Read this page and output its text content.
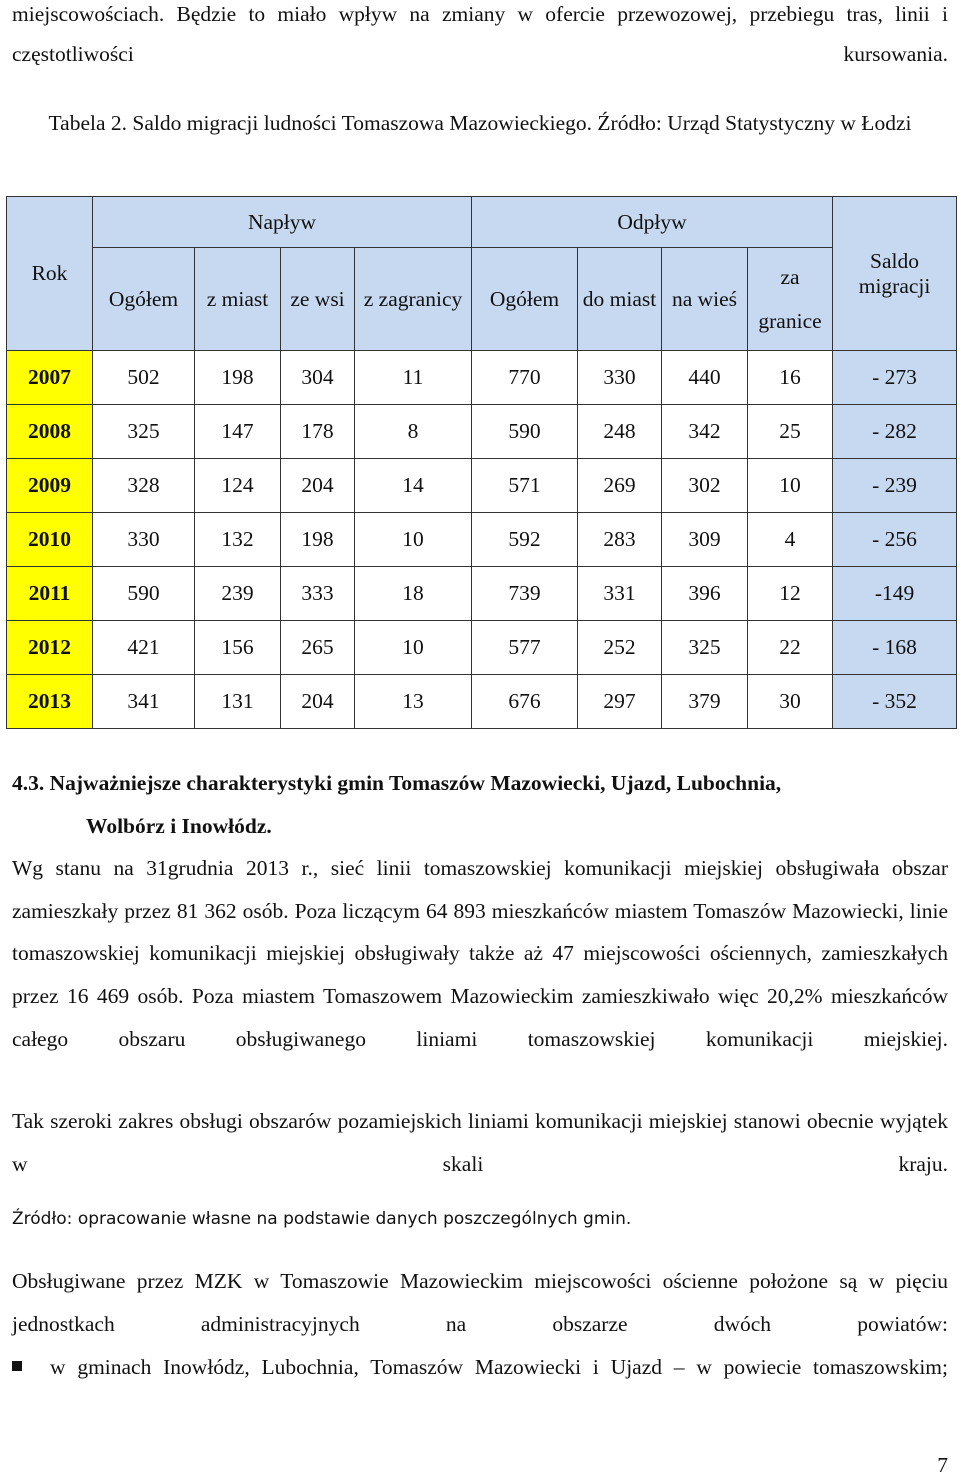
miejscowościach. Będzie to miało wpływ na zmiany w ofercie przewozowej, przebiegu tras, linii i częstotliwości kursowania.

Tabela 2. Saldo migracji ludności Tomaszowa Mazowieckiego. Źródło: Urząd Statystyczny w Łodzi

Rok	Napływ				Odpływ				Saldo migracji
	Ogółem	z miast	ze wsi	z zagranicy	Ogółem	do miast	na wieś	za granice	
2007	502	198	304	11	770	330	440	16	- 273
2008	325	147	178	8	590	248	342	25	- 282
2009	328	124	204	14	571	269	302	10	- 239
2010	330	132	198	10	592	283	309	4	- 256
2011	590	239	333	18	739	331	396	12	-149
2012	421	156	265	10	577	252	325	22	- 168
2013	341	131	204	13	676	297	379	30	- 352
4.3. Najważniejsze charakterystyki gmin Tomaszów Mazowiecki, Ujazd, Lubochnia,
Wolbórz i Inowłódz.

Wg stanu na 31grudnia 2013 r., sieć linii tomaszowskiej komunikacji miejskiej obsługiwała obszar zamieszkały przez 81 362 osób. Poza liczącym 64 893 mieszkańców miastem Tomaszów Mazowiecki, linie tomaszowskiej komunikacji miejskiej obsługiwały także aż 47 miejscowości ościennych, zamieszkałych przez 16 469 osób. Poza miastem Tomaszowem Mazowieckim zamieszkiwało więc 20,2% mieszkańców całego obszaru obsługiwanego liniami tomaszowskiej komunikacji miejskiej.

Tak szeroki zakres obsługi obszarów pozamiejskich liniami komunikacji miejskiej stanowi obecnie wyjątek w skali kraju.

Źródło: opracowanie własne na podstawie danych poszczególnych gmin.

Obsługiwane przez MZK w Tomaszowie Mazowieckim miejscowości ościenne położone są w pięciu jednostkach administracyjnych na obszarze dwóch powiatów:

w gminach Inowłódz, Lubochnia, Tomaszów Mazowiecki i Ujazd – w powiecie tomaszowskim;

7
